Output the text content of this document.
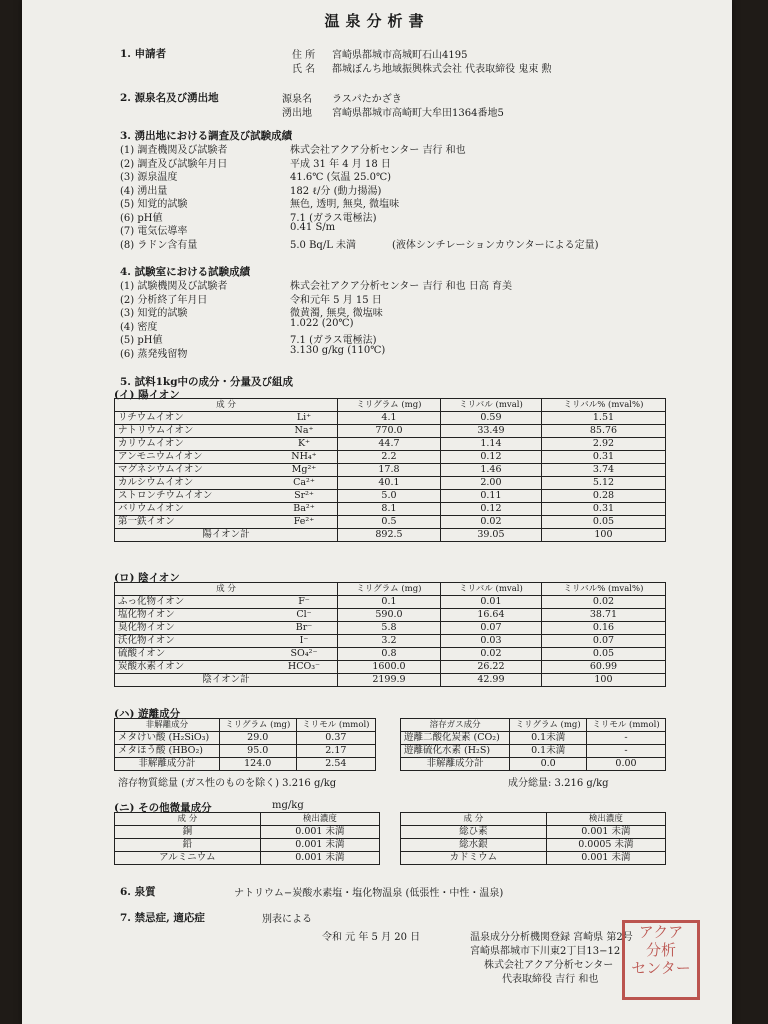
温泉分析書
1. 申請者	住 所 宮崎県都城市高城町石山4195
氏 名 都城ぼんち地域振興株式会社 代表取締役 鬼束 勲
2. 源泉名及び湧出地	源泉名 ラスパたかざき
湧出地 宮崎県都城市高崎町大牟田1364番地5
3. 湧出地における調査及び試験成績
(1) 調査機関及び試験者	株式会社アクア分析センター 吉行 和也
(2) 調査及び試験年月日	平成 31 年 4 月 18 日
(3) 源泉温度	41.6℃ (気温 25.0℃)
(4) 湧出量	182 ℓ/分 (動力揚湯)
(5) 知覚的試験	無色, 透明, 無臭, 微塩味
(6) pH値	7.1 (ガラス電極法)
(7) 電気伝導率	0.41 S/m
(8) ラドン含有量	5.0 Bq/L 未満	(液体シンチレーションカウンターによる定量)
4. 試験室における試験成績
(1) 試験機関及び試験者	株式会社アクア分析センター 吉行 和也 日高 育美
(2) 分析終了年月日	令和元年 5 月 15 日
(3) 知覚的試験	微黄濁, 無臭, 微塩味
(4) 密度	1.022 (20℃)
(5) pH値	7.1 (ガラス電極法)
(6) 蒸発残留物	3.130 g/kg (110℃)
5. 試料1kg中の成分・分量及び組成
(イ) 陽イオン
成 分		ミリグラム (mg)	ミリバル (mval)	ミリバル% (mval%)
リチウムイオン	Li⁺	4.1	0.59	1.51
ナトリウムイオン	Na⁺	770.0	33.49	85.76
カリウムイオン	K⁺	44.7	1.14	2.92
アンモニウムイオン	NH₄⁺	2.2	0.12	0.31
マグネシウムイオン	Mg²⁺	17.8	1.46	3.74
カルシウムイオン	Ca²⁺	40.1	2.00	5.12
ストロンチウムイオン	Sr²⁺	5.0	0.11	0.28
バリウムイオン	Ba²⁺	8.1	0.12	0.31
第一鉄イオン	Fe²⁺	0.5	0.02	0.05
陽イオン計		892.5	39.05	100
(ロ) 陰イオン
成 分		ミリグラム (mg)	ミリバル (mval)	ミリバル% (mval%)
ふっ化物イオン	F⁻	0.1	0.01	0.02
塩化物イオン	Cl⁻	590.0	16.64	38.71
臭化物イオン	Br⁻	5.8	0.07	0.16
沃化物イオン	I⁻	3.2	0.03	0.07
硫酸イオン	SO₄²⁻	0.8	0.02	0.05
炭酸水素イオン	HCO₃⁻	1600.0	26.22	60.99
陰イオン計		2199.9	42.99	100
(ハ) 遊離成分
非解離成分	ミリグラム (mg)	ミリモル (mmol)
メタけい酸 (H₂SiO₃)	29.0	0.37
メタほう酸 (HBO₂)	95.0	2.17
非解離成分計	124.0	2.54
溶存ガス成分	ミリグラム (mg)	ミリモル (mmol)
遊離二酸化炭素 (CO₂)	0.1未満	-
遊離硫化水素 (H₂S)	0.1未満	-
非解離成分計	0.0	0.00
溶存物質総量 (ガス性のものを除く) 3.216 g/kg	成分総量: 3.216 g/kg
(ニ) その他微量成分	mg/kg
成 分	検出濃度
銅	0.001 未満
鉛	0.001 未満
アルミニウム	0.001 未満
成 分	検出濃度
総ひ素	0.001 未満
総水銀	0.0005 未満
カドミウム	0.001 未満
6. 泉質	ナトリウム−炭酸水素塩・塩化物温泉 (低張性・中性・温泉)
7. 禁忌症, 適応症	別表による
令和 元 年 5 月 20 日	温泉成分分析機関登録 宮崎県 第2号
宮崎県都城市下川東2丁目13−12
株式会社アクア分析センター
代表取締役 吉行 和也
アクア
分析
センター
